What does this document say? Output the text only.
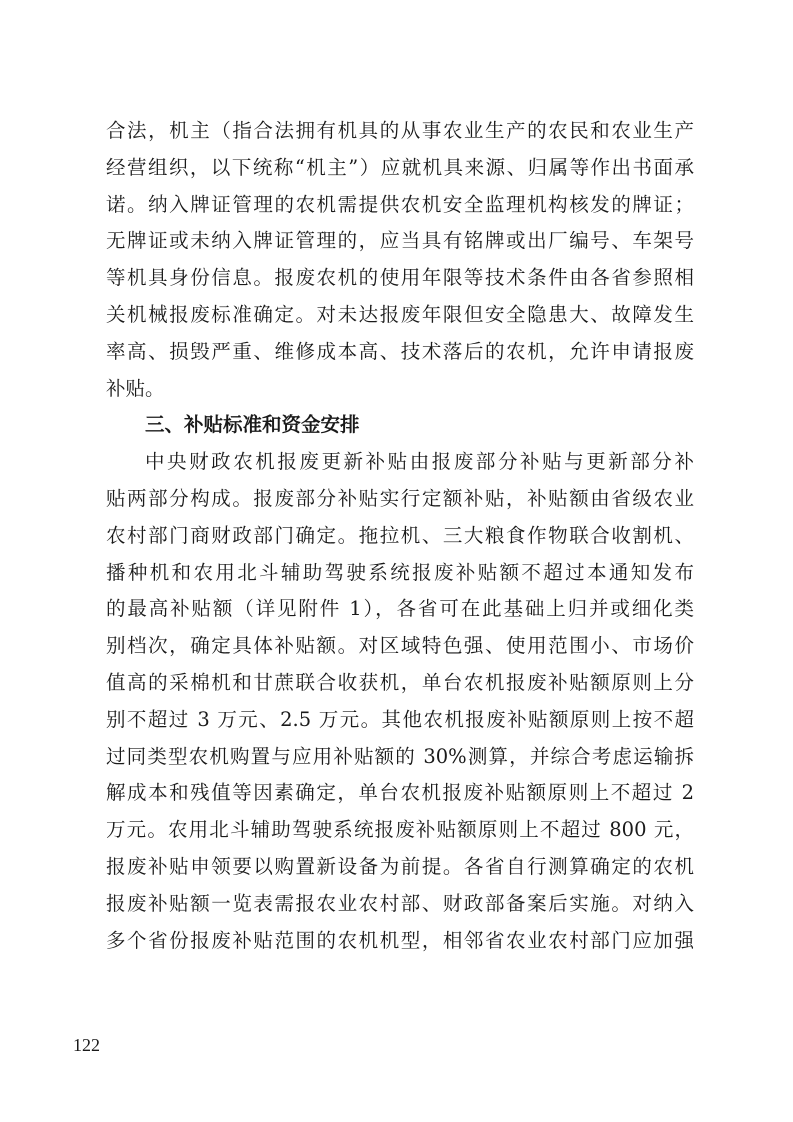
合法，机主（指合法拥有机具的从事农业生产的农民和农业生产
经营组织，以下统称“机主”）应就机具来源、归属等作出书面承
诺。纳入牌证管理的农机需提供农机安全监理机构核发的牌证；
无牌证或未纳入牌证管理的，应当具有铭牌或出厂编号、车架号
等机具身份信息。报废农机的使用年限等技术条件由各省参照相
关机械报废标准确定。对未达报废年限但安全隐患大、故障发生
率高、损毁严重、维修成本高、技术落后的农机，允许申请报废
补贴。
三、补贴标准和资金安排
中央财政农机报废更新补贴由报废部分补贴与更新部分补
贴两部分构成。报废部分补贴实行定额补贴，补贴额由省级农业
农村部门商财政部门确定。拖拉机、三大粮食作物联合收割机、
播种机和农用北斗辅助驾驶系统报废补贴额不超过本通知发布
的最高补贴额（详见附件 1），各省可在此基础上归并或细化类
别档次，确定具体补贴额。对区域特色强、使用范围小、市场价
值高的采棉机和甘蔗联合收获机，单台农机报废补贴额原则上分
别不超过 3 万元、2.5 万元。其他农机报废补贴额原则上按不超
过同类型农机购置与应用补贴额的 30%测算，并综合考虑运输拆
解成本和残值等因素确定，单台农机报废补贴额原则上不超过 2
万元。农用北斗辅助驾驶系统报废补贴额原则上不超过 800 元，
报废补贴申领要以购置新设备为前提。各省自行测算确定的农机
报废补贴额一览表需报农业农村部、财政部备案后实施。对纳入
多个省份报废补贴范围的农机机型，相邻省农业农村部门应加强
122
